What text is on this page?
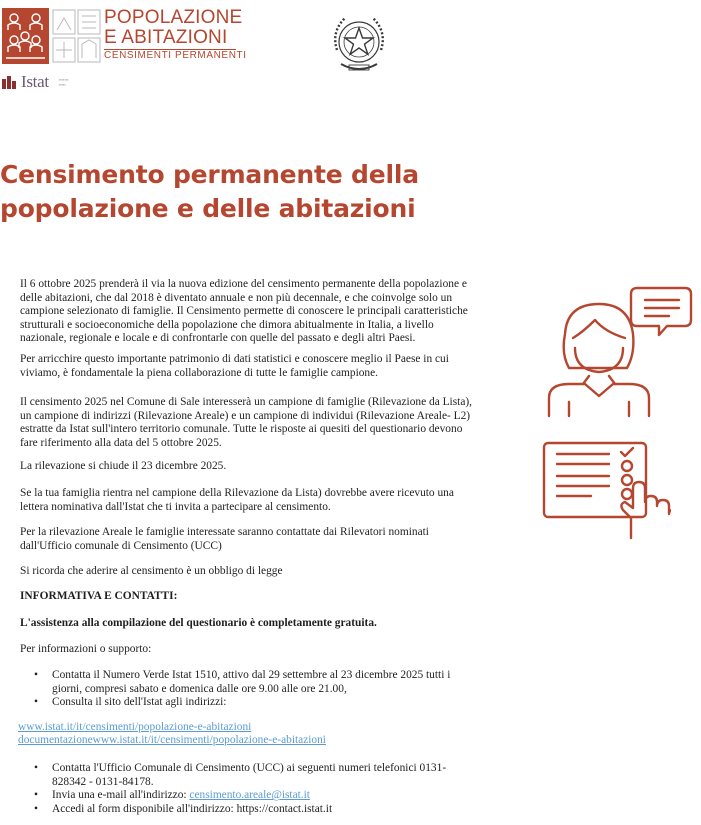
POPOLAZIONE
E ABITAZIONI
CENSIMENTI PERMANENTI
Istat	▪▪▪▪▪▪▪
▪▪▪▪▪
Censimento permanente della
popolazione e delle abitazioni

Il 6 ottobre 2025 prenderà il via la nuova edizione del censimento permanente della popolazione e delle abitazioni, che dal 2018 è diventato annuale e non più decennale, e che coinvolge solo un campione selezionato di famiglie. Il Censimento permette di conoscere le principali caratteristiche strutturali e socioeconomiche della popolazione che dimora abitualmente in Italia, a livello nazionale, regionale e locale e di confrontarle con quelle del passato e degli altri Paesi.

Per arricchire questo importante patrimonio di dati statistici e conoscere meglio il Paese in cui viviamo, è fondamentale la piena collaborazione di tutte le famiglie campione.

Il censimento 2025 nel Comune di Sale interesserà un campione di famiglie (Rilevazione da Lista), un campione di indirizzi (Rilevazione Areale) e un campione di individui (Rilevazione Areale- L2) estratte da Istat sull'intero territorio comunale. Tutte le risposte ai quesiti del questionario devono fare riferimento alla data del 5 ottobre 2025.

La rilevazione si chiude il 23 dicembre 2025.

Se la tua famiglia rientra nel campione della Rilevazione da Lista) dovrebbe avere ricevuto una lettera nominativa dall'Istat che ti invita a partecipare al censimento.

Per la rilevazione Areale le famiglie interessate saranno contattate dai Rilevatori nominati dall'Ufficio comunale di Censimento (UCC)

Si ricorda che aderire al censimento è un obbligo di legge

INFORMATIVA E CONTATTI:

L'assistenza alla compilazione del questionario è completamente gratuita.

Per informazioni o supporto:

• Contatta il Numero Verde Istat 1510, attivo dal 29 settembre al 23 dicembre 2025 tutti i giorni, compresi sabato e domenica dalle ore 9.00 alle ore 21.00,
• Consulta il sito dell'Istat agli indirizzi:
www.istat.it/it/censimenti/popolazione-e-abitazioni documentazionewww.istat.it/it/censimenti/popolazione-e-abitazioni
• Contatta l'Ufficio Comunale di Censimento (UCC) ai seguenti numeri telefonici 0131-828342 - 0131-84178.
• Invia una e-mail all'indirizzo: censimento.areale@istat.it
• Accedi al form disponibile all'indirizzo: https://contact.istat.it
